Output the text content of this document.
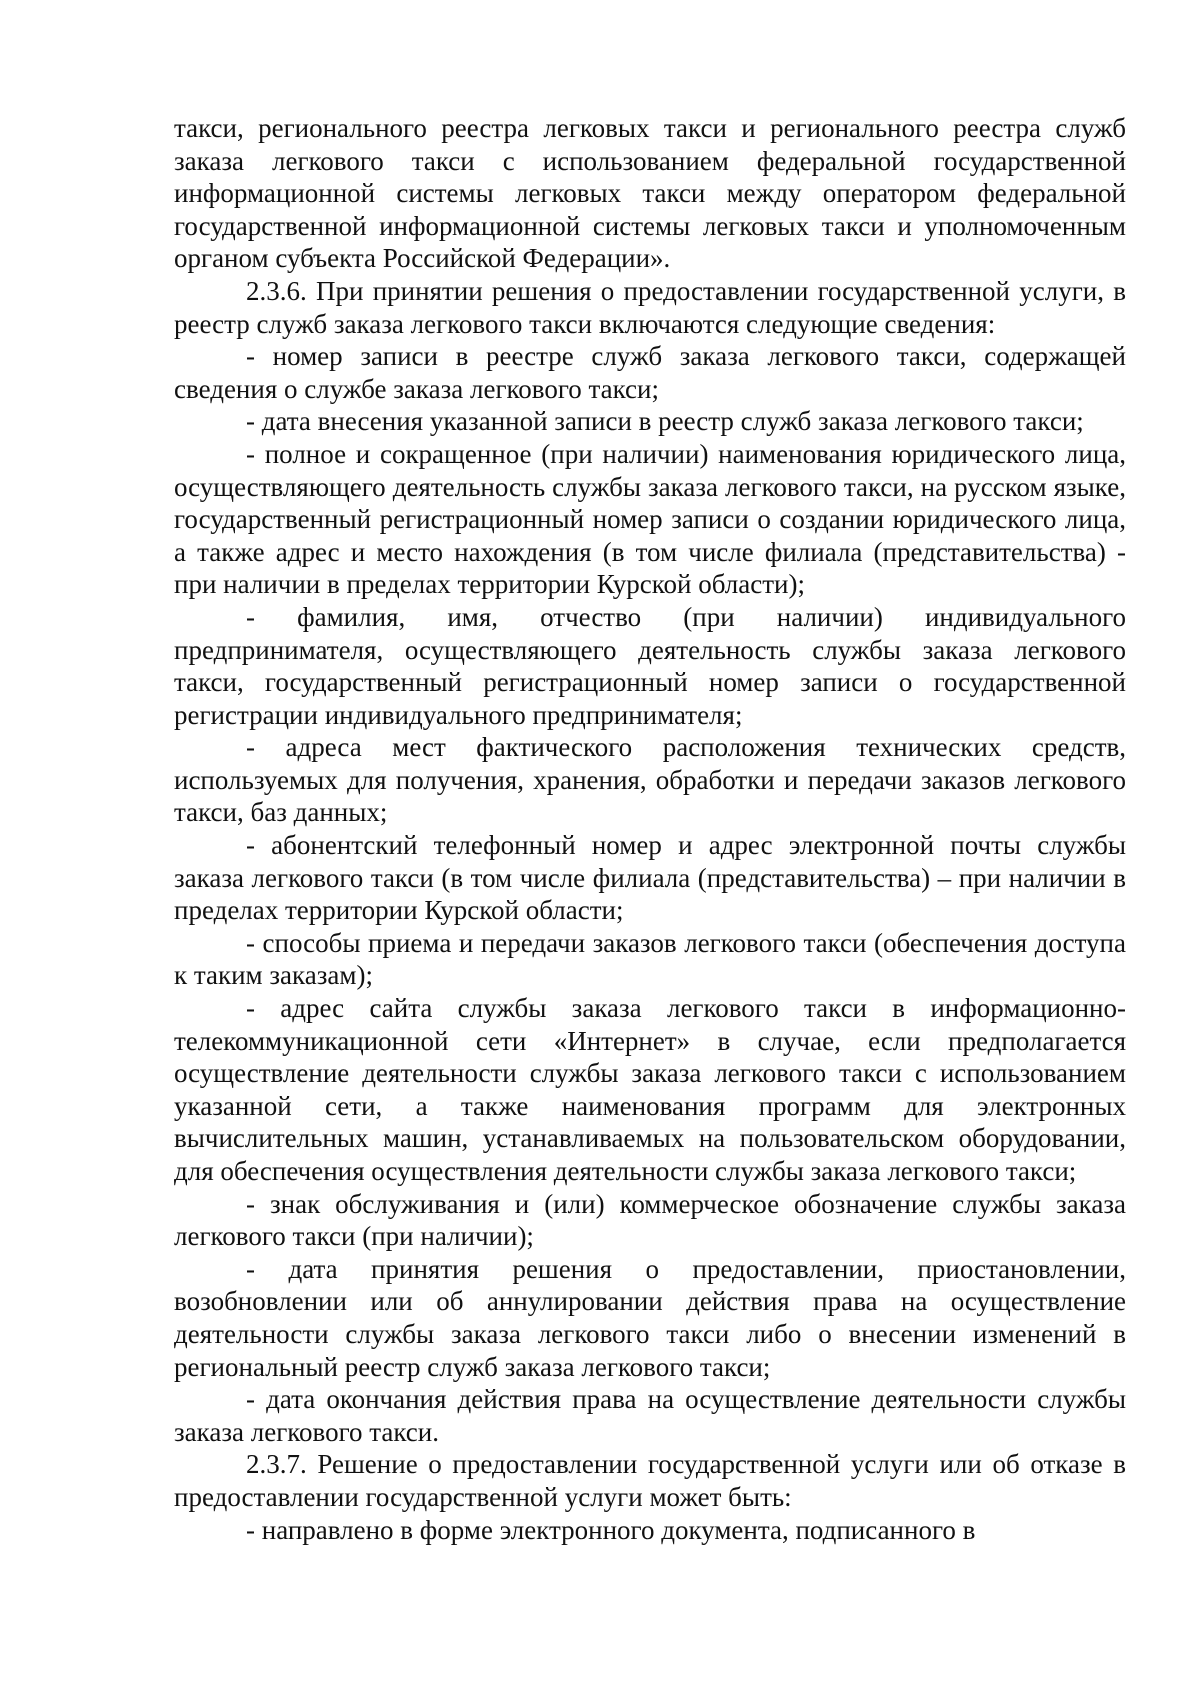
такси, регионального реестра легковых такси и регионального реестра служб заказа легкового такси с использованием федеральной государственной информационной системы легковых такси между оператором федеральной государственной информационной системы легковых такси и уполномоченным органом субъекта Российской Федерации».

2.3.6. При принятии решения о предоставлении государственной услуги, в реестр служб заказа легкового такси включаются следующие сведения:

- номер записи в реестре служб заказа легкового такси, содержащей сведения о службе заказа легкового такси;

- дата внесения указанной записи в реестр служб заказа легкового такси;

- полное и сокращенное (при наличии) наименования юридического лица, осуществляющего деятельность службы заказа легкового такси, на русском языке, государственный регистрационный номер записи о создании юридического лица, а также адрес и место нахождения (в том числе филиала (представительства) - при наличии в пределах территории Курской области);

- фамилия, имя, отчество (при наличии) индивидуального предпринимателя, осуществляющего деятельность службы заказа легкового такси, государственный регистрационный номер записи о государственной регистрации индивидуального предпринимателя;

- адреса мест фактического расположения технических средств, используемых для получения, хранения, обработки и передачи заказов легкового такси, баз данных;

- абонентский телефонный номер и адрес электронной почты службы заказа легкового такси (в том числе филиала (представительства) – при наличии в пределах территории Курской области;

- способы приема и передачи заказов легкового такси (обеспечения доступа к таким заказам);

- адрес сайта службы заказа легкового такси в информационно-телекоммуникационной сети «Интернет» в случае, если предполагается осуществление деятельности службы заказа легкового такси с использованием указанной сети, а также наименования программ для электронных вычислительных машин, устанавливаемых на пользовательском оборудовании, для обеспечения осуществления деятельности службы заказа легкового такси;

- знак обслуживания и (или) коммерческое обозначение службы заказа легкового такси (при наличии);

- дата принятия решения о предоставлении, приостановлении, возобновлении или об аннулировании действия права на осуществление деятельности службы заказа легкового такси либо о внесении изменений в региональный реестр служб заказа легкового такси;

- дата окончания действия права на осуществление деятельности службы заказа легкового такси.

2.3.7. Решение о предоставлении государственной услуги или об отказе в предоставлении государственной услуги может быть:

- направлено в форме электронного документа, подписанного в
